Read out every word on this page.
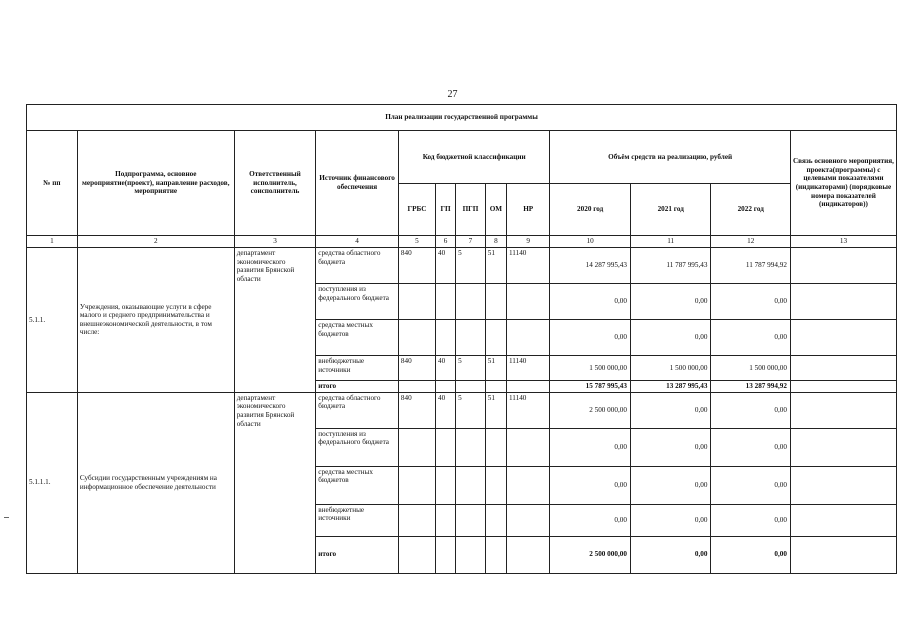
27
План реализации государственной программы												
№ пп	Подпрограмма, основное мероприятие(проект), направление расходов, мероприятие	Ответственный исполнитель, соисполнитель	Источник финансового обеспечения	Код бюджетной классификации					Объём средств на реализацию, рублей			Связь основного мероприятия, проекта(программы) с целевыми показателями (индикаторами) (порядковые номера показателей (индикаторов))
				ГРБС	ГП	ПГП	ОМ	НР	2020 год	2021 год	2022 год	
1	2	3	4	5	6	7	8	9	10	11	12	13
5.1.1.	Учреждения, оказывающие услуги в сфере малого и среднего предпринимательства и внешнеэкономической деятельности, в том числе:	департамент экономического развития Брянской области	средства областного бюджета	840	40	5	51	11140	14 287 995,43	11 787 995,43	11 787 994,92	
			поступления из федерального бюджета						0,00	0,00	0,00	
			средства местных бюджетов						0,00	0,00	0,00	
			внебюджетные источники	840	40	5	51	11140	1 500 000,00	1 500 000,00	1 500 000,00	
			итого						15 787 995,43	13 287 995,43	13 287 994,92	
5.1.1.1.	Субсидии государственным учреждениям на информационное обеспечение деятельности	департамент экономического развития Брянской области	средства областного бюджета	840	40	5	51	11140	2 500 000,00	0,00	0,00	
			поступления из федерального бюджета						0,00	0,00	0,00	
			средства местных бюджетов						0,00	0,00	0,00	
			внебюджетные источники						0,00	0,00	0,00	
			итого						2 500 000,00	0,00	0,00	
